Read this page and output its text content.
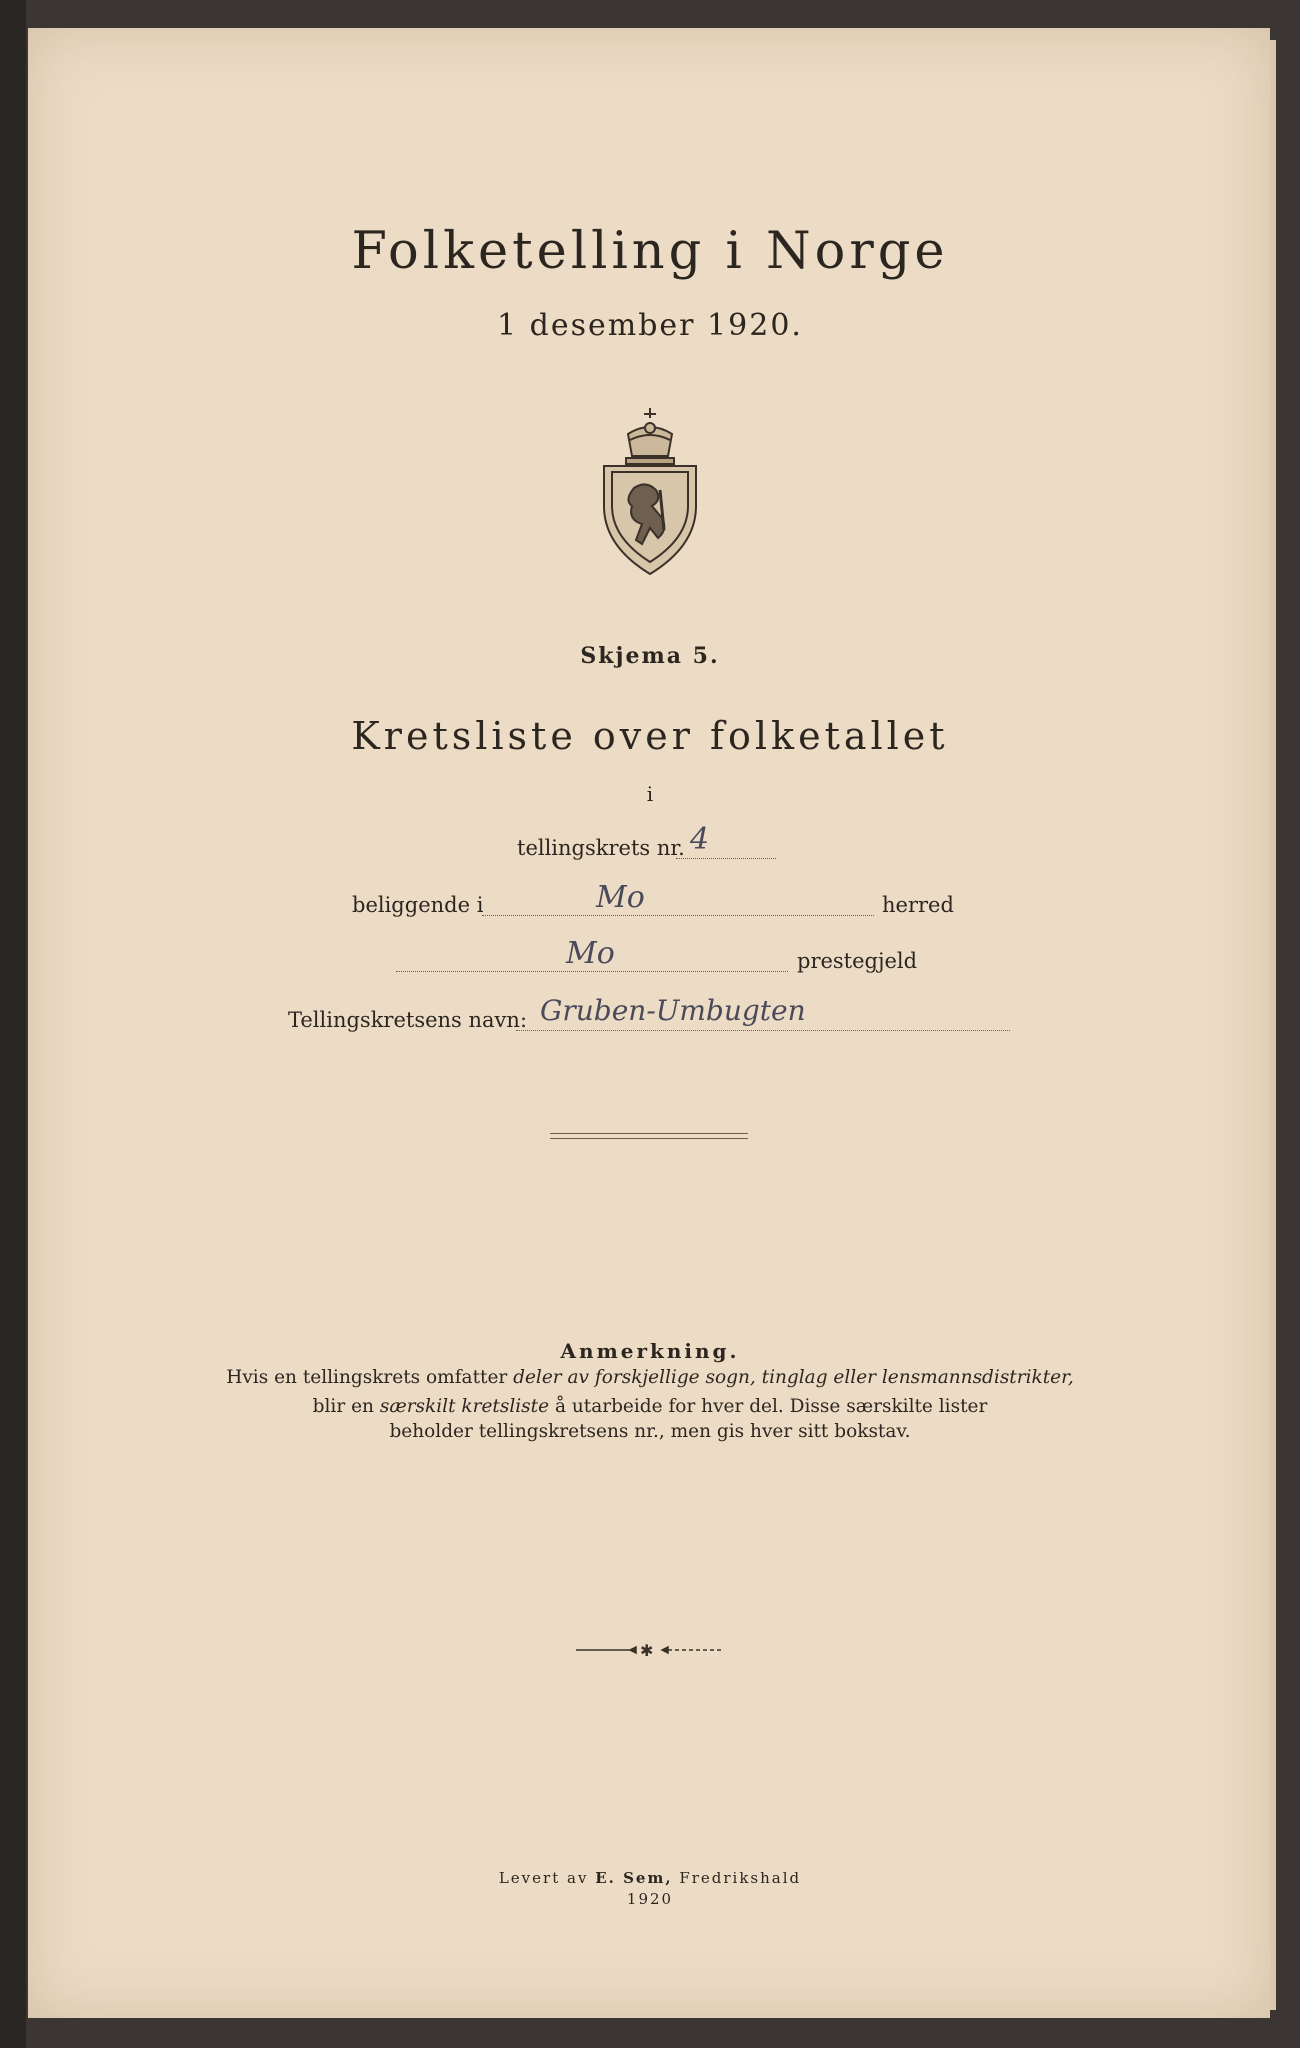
Folketelling i Norge
1 desember 1920.
Skjema 5.
Kretsliste over folketallet
i
tellingskrets nr. 4
beliggende i	Mo	herred
Mo	prestegjeld
Tellingskretsens navn: Gruben-Umbugten
Anmerkning.
Hvis en tellingskrets omfatter deler av forskjellige sogn, tinglag eller lensmannsdistrikter,
blir en særskilt kretsliste å utarbeide for hver del. Disse særskilte lister
beholder tellingskretsens nr., men gis hver sitt bokstav.
✱
Levert av E. Sem, Fredrikshald
1920
